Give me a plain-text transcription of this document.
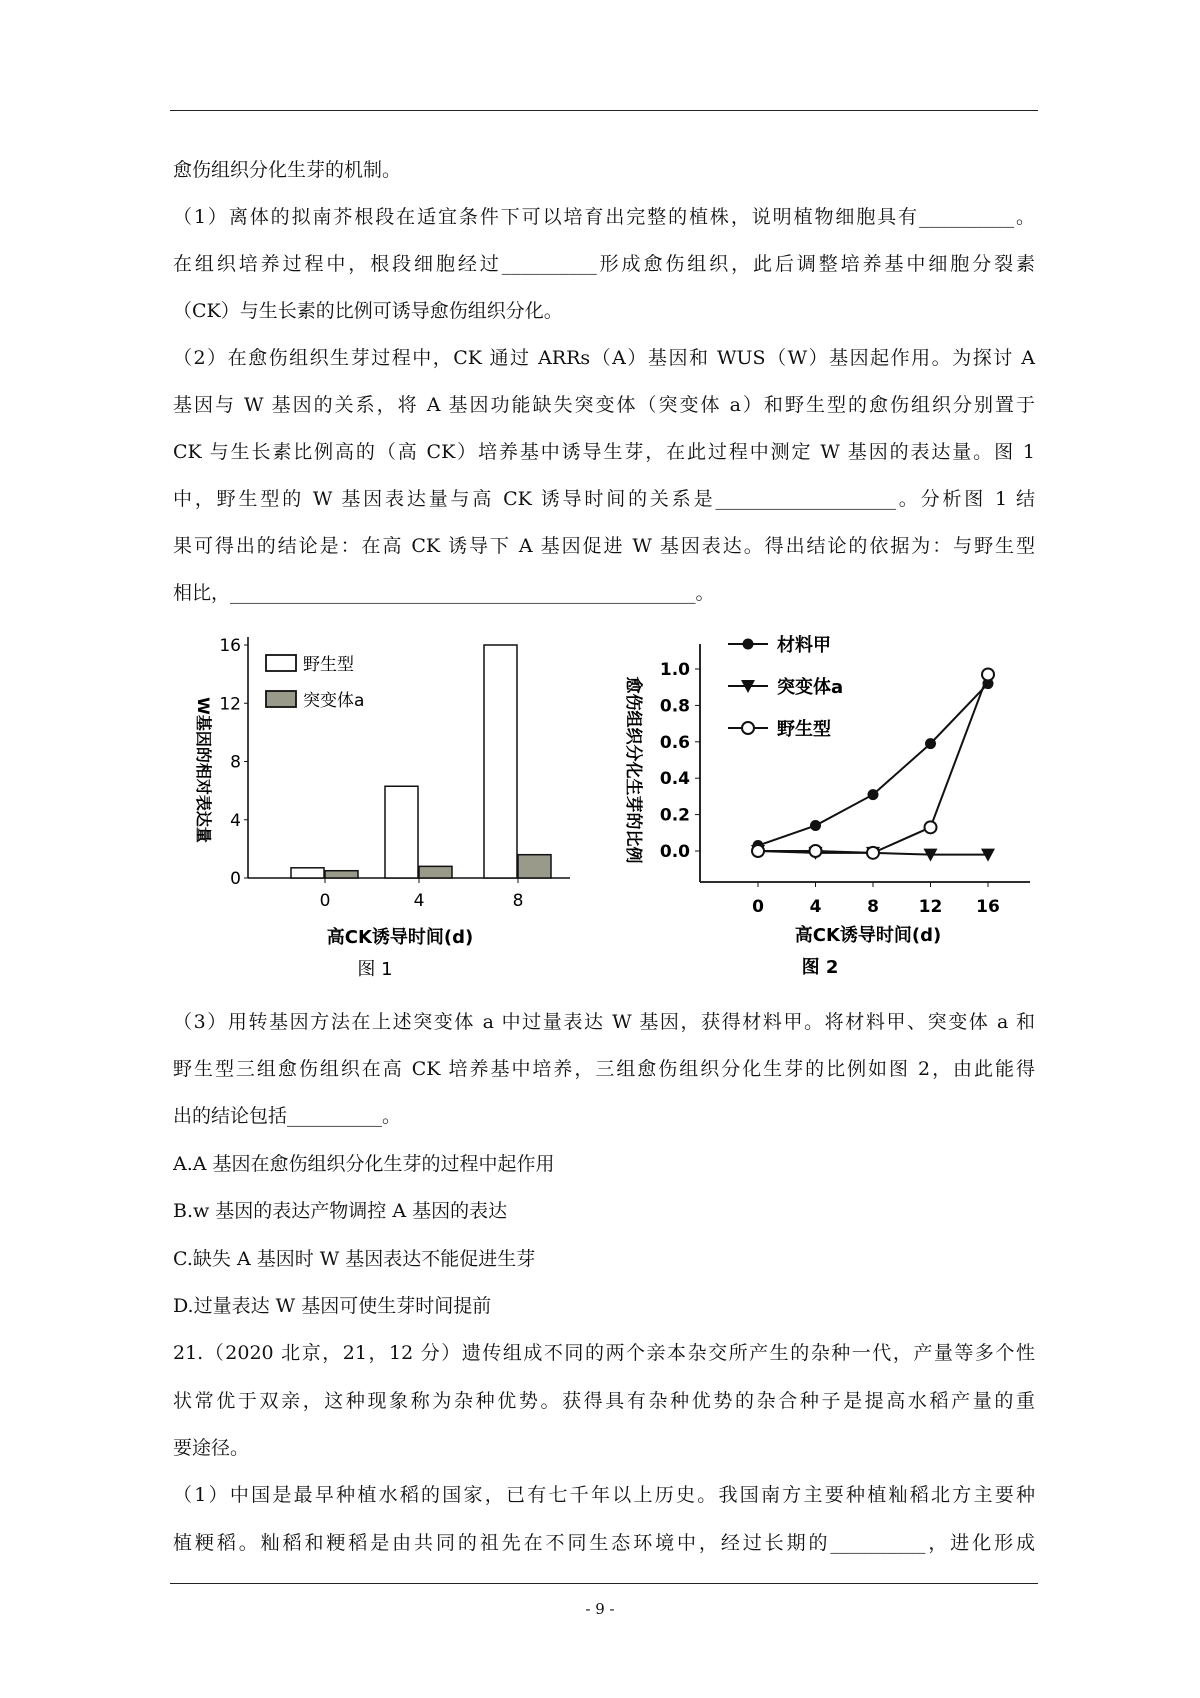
0
4
8
12
16
0	4	8
野生型
突变体a
W基因的相对表达量
高CK诱导时间(d)
图 1
0.0
0.2
0.4
0.6
0.8
1.0
0	4	8 12 16
材料甲
突变体a
野生型
愈伤组织分化生芽的比例
高CK诱导时间(d)
图 2
- 9 -
愈伤组织分化生芽的机制。
（1）离体的拟南芥根段在适宜条件下可以培育出完整的植株，说明植物细胞具有__________。
在组织培养过程中，根段细胞经过__________形成愈伤组织，此后调整培养基中细胞分裂素
（CK）与生长素的比例可诱导愈伤组织分化。
（2）在愈伤组织生芽过程中，CK 通过 ARRs（A）基因和 WUS（W）基因起作用。为探讨 A
基因与 W 基因的关系，将 A 基因功能缺失突变体（突变体 a）和野生型的愈伤组织分别置于
CK 与生长素比例高的（高 CK）培养基中诱导生芽，在此过程中测定 W 基因的表达量。图 1
中，野生型的 W 基因表达量与高 CK 诱导时间的关系是___________________。分析图 1 结
果可得出的结论是：在高 CK 诱导下 A 基因促进 W 基因表达。得出结论的依据为：与野生型
相比，_________________________________________________。
（3）用转基因方法在上述突变体 a 中过量表达 W 基因，获得材料甲。将材料甲、突变体 a 和
野生型三组愈伤组织在高 CK 培养基中培养，三组愈伤组织分化生芽的比例如图 2，由此能得
出的结论包括__________。
A.A 基因在愈伤组织分化生芽的过程中起作用
B.w 基因的表达产物调控 A 基因的表达
C.缺失 A 基因时 W 基因表达不能促进生芽
D.过量表达 W 基因可使生芽时间提前
21.（2020 北京，21，12 分）遗传组成不同的两个亲本杂交所产生的杂种一代，产量等多个性
状常优于双亲，这种现象称为杂种优势。获得具有杂种优势的杂合种子是提高水稻产量的重
要途径。
（1）中国是最早种植水稻的国家，已有七千年以上历史。我国南方主要种植籼稻北方主要种
植粳稻。籼稻和粳稻是由共同的祖先在不同生态环境中，经过长期的__________，进化形成
